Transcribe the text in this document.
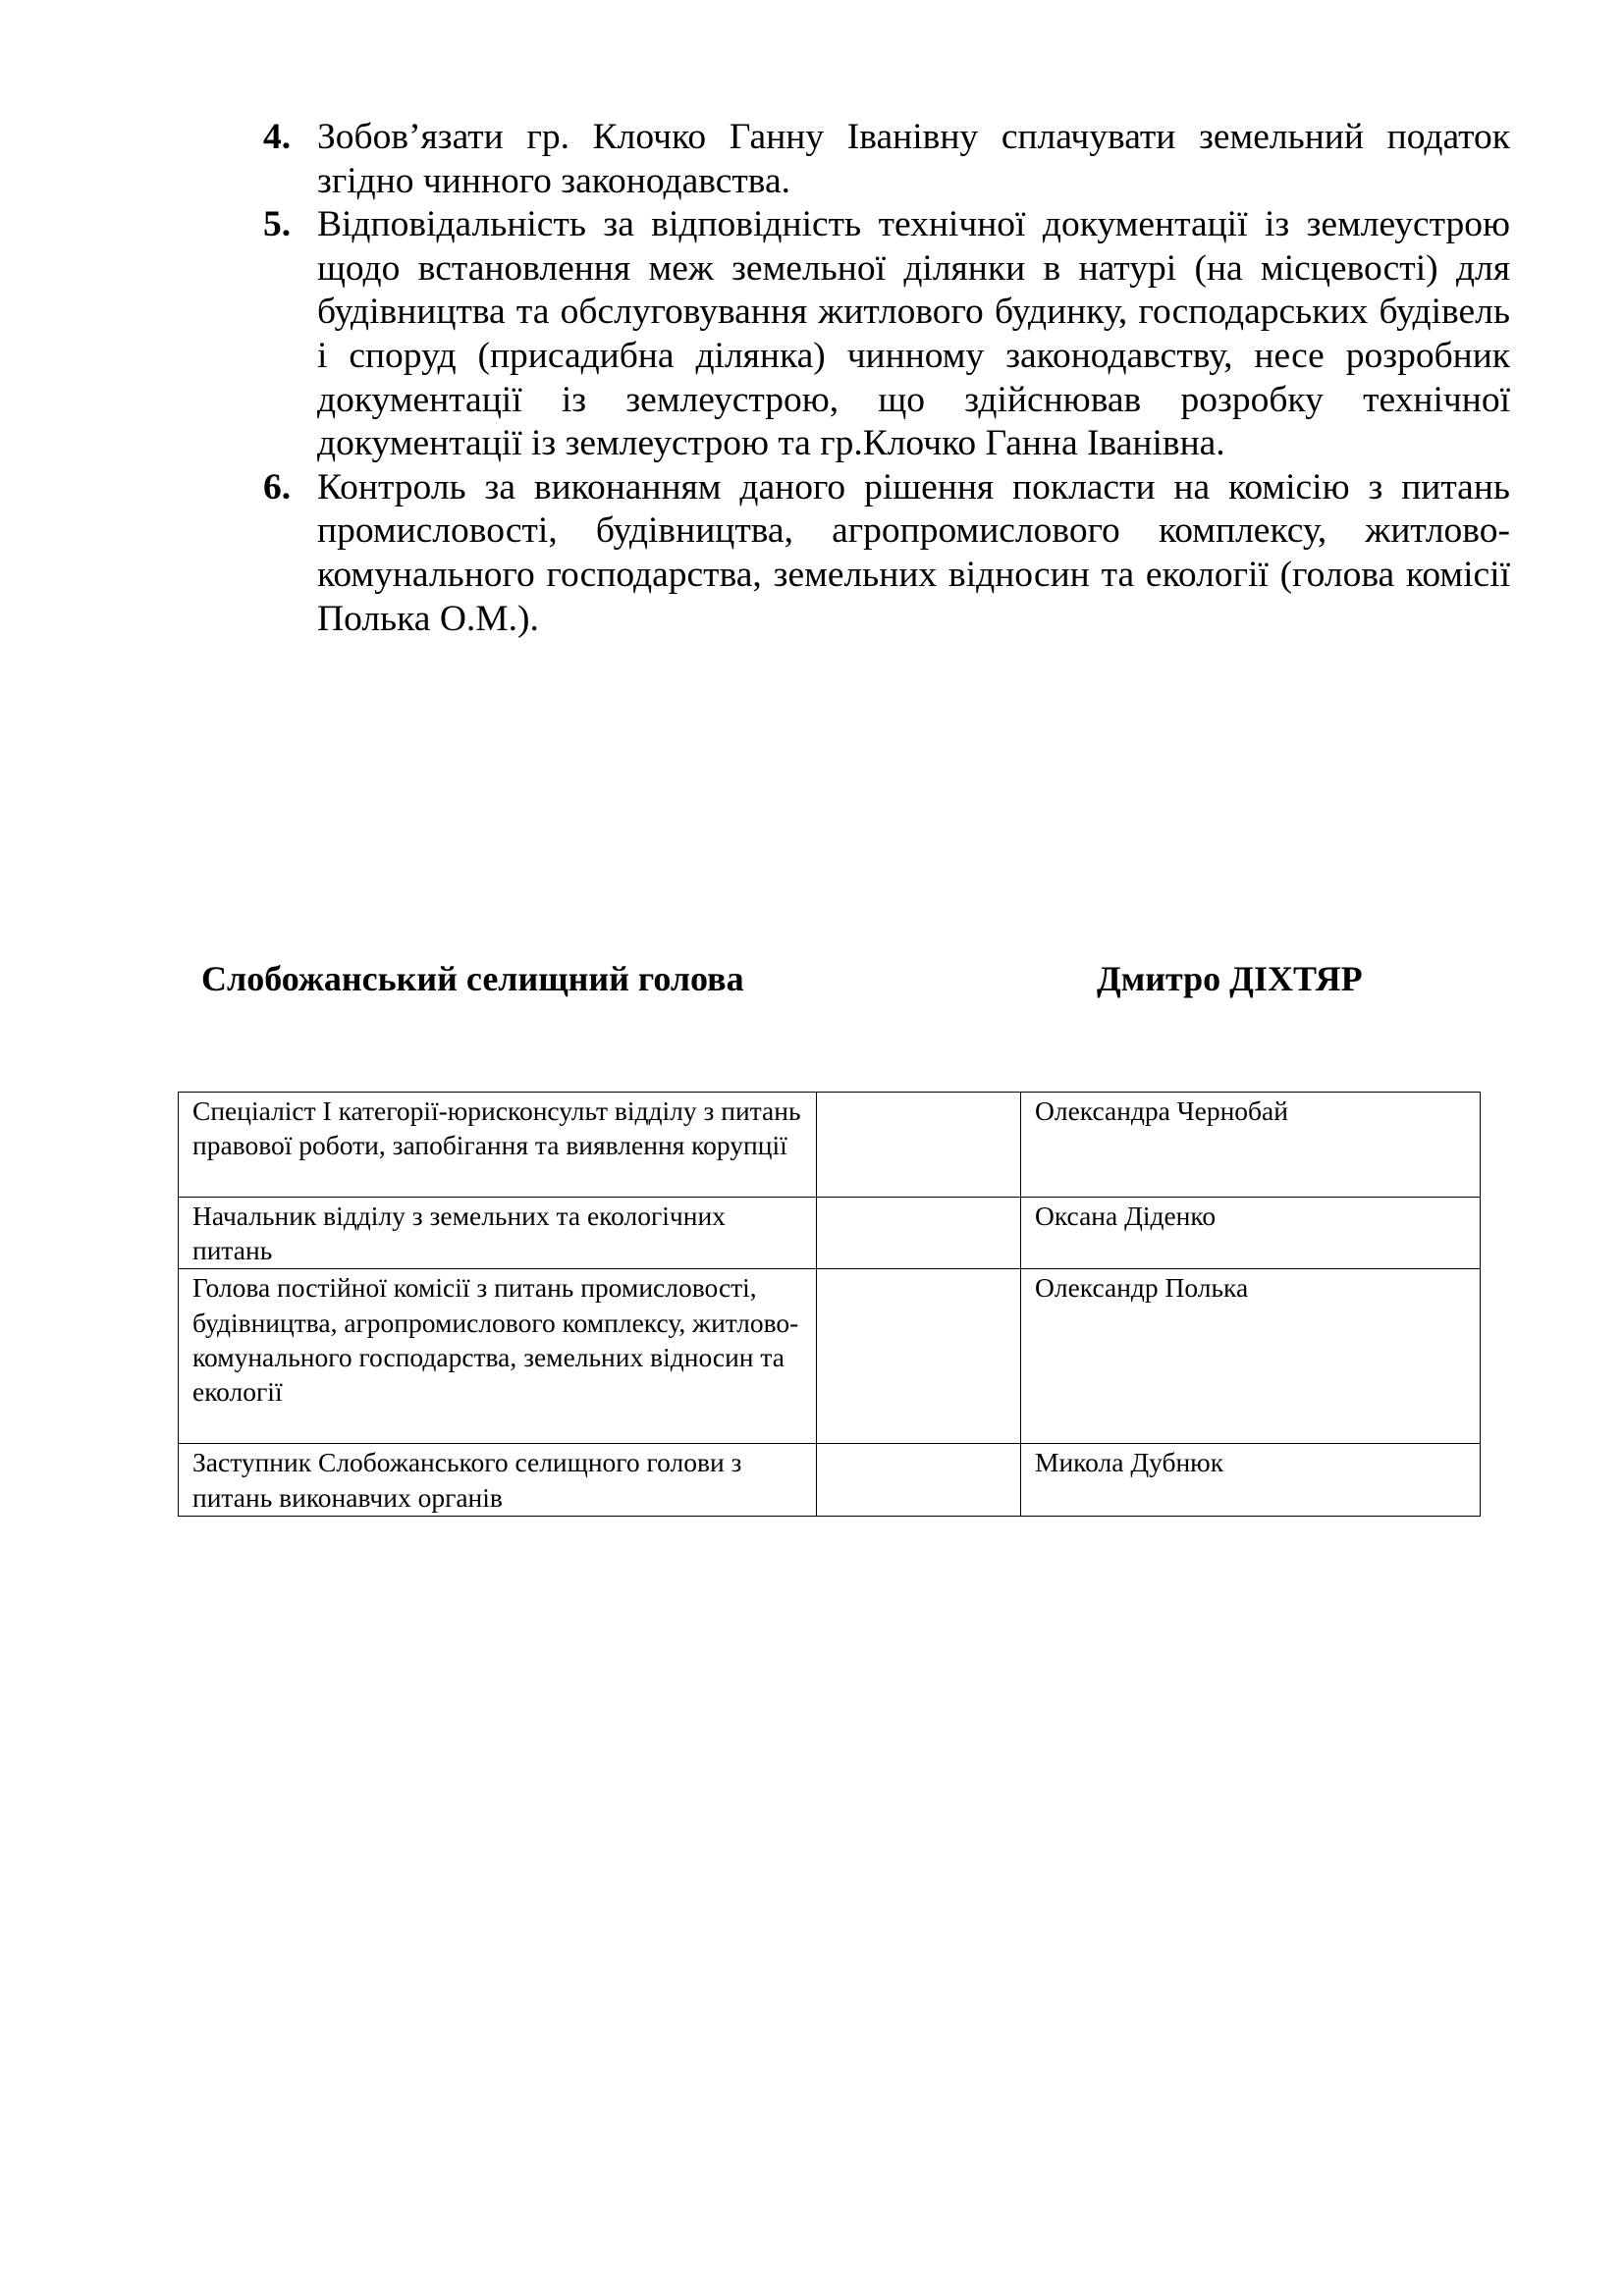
4. Зобов’язати гр. Клочко Ганну Іванівну сплачувати земельний податок згідно чинного законодавства.
5. Відповідальність за відповідність технічної документації із землеустрою щодо встановлення меж земельної ділянки в натурі (на місцевості) для будівництва та обслуговування житлового будинку, господарських будівель і споруд (присадибна ділянка) чинному законодавству, несе розробник документації із землеустрою, що здійснював розробку технічної документації із землеустрою та гр.Клочко Ганна Іванівна.
6. Контроль за виконанням даного рішення покласти на комісію з питань промисловості, будівництва, агропромислового комплексу, житлово-комунального господарства, земельних відносин та екології (голова комісії Полька О.М.).
Слобожанський селищний голова	Дмитро ДІХТЯР
Спеціаліст І категорії-юрисконсульт відділу з питань правової роботи, запобігання та виявлення корупції		Олександра Чернобай
Начальник відділу з земельних та екологічних питань		Оксана Діденко
Голова постійної комісії з питань промисловості, будівництва, агропромислового комплексу, житлово-комунального господарства, земельних відносин та екології		Олександр Полька
Заступник Слобожанського селищного голови з питань виконавчих органів		Микола Дубнюк
